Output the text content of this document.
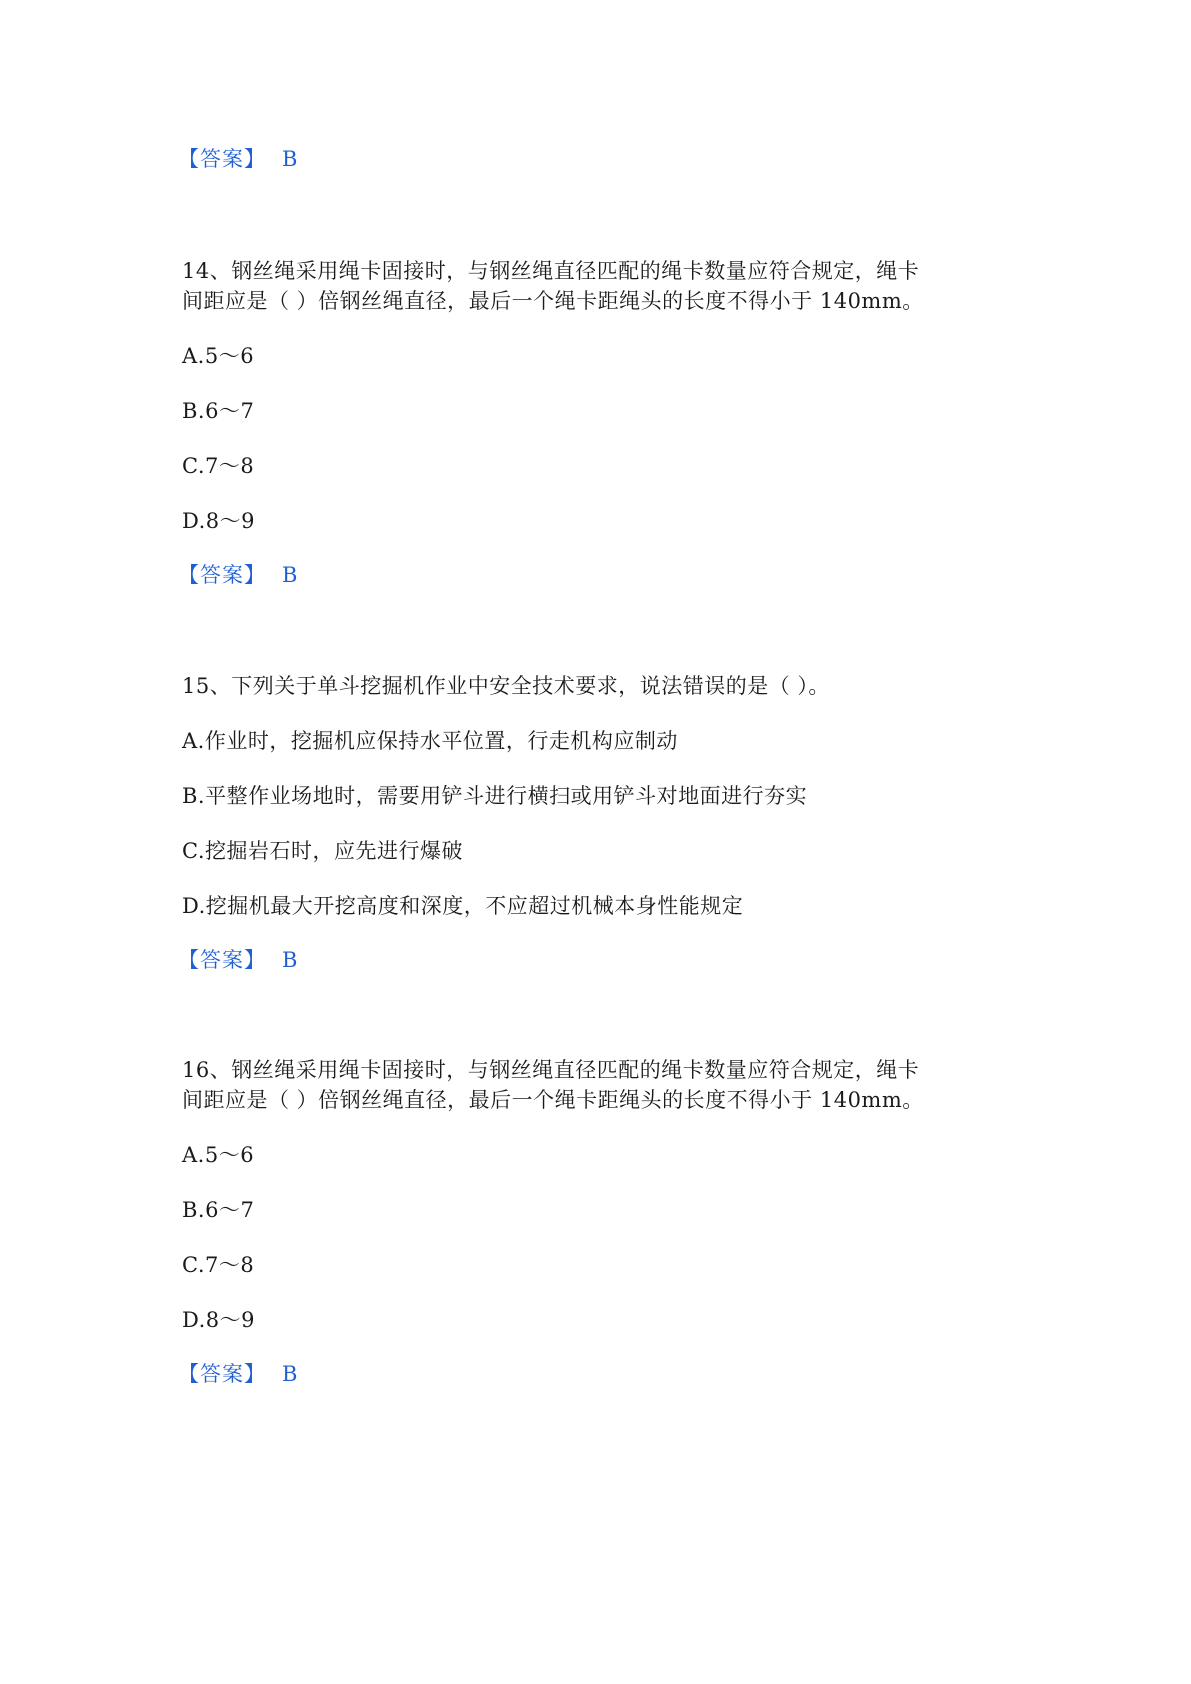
【答案】 B
14、钢丝绳采用绳卡固接时，与钢丝绳直径匹配的绳卡数量应符合规定，绳卡
间距应是（ ）倍钢丝绳直径，最后一个绳卡距绳头的长度不得小于 140mm。
A.5～6
B.6～7
C.7～8
D.8～9
【答案】 B
15、下列关于单斗挖掘机作业中安全技术要求，说法错误的是（ ）。
A.作业时，挖掘机应保持水平位置，行走机构应制动
B.平整作业场地时，需要用铲斗进行横扫或用铲斗对地面进行夯实
C.挖掘岩石时，应先进行爆破
D.挖掘机最大开挖高度和深度，不应超过机械本身性能规定
【答案】 B
16、钢丝绳采用绳卡固接时，与钢丝绳直径匹配的绳卡数量应符合规定，绳卡
间距应是（ ）倍钢丝绳直径，最后一个绳卡距绳头的长度不得小于 140mm。
A.5～6
B.6～7
C.7～8
D.8～9
【答案】 B
